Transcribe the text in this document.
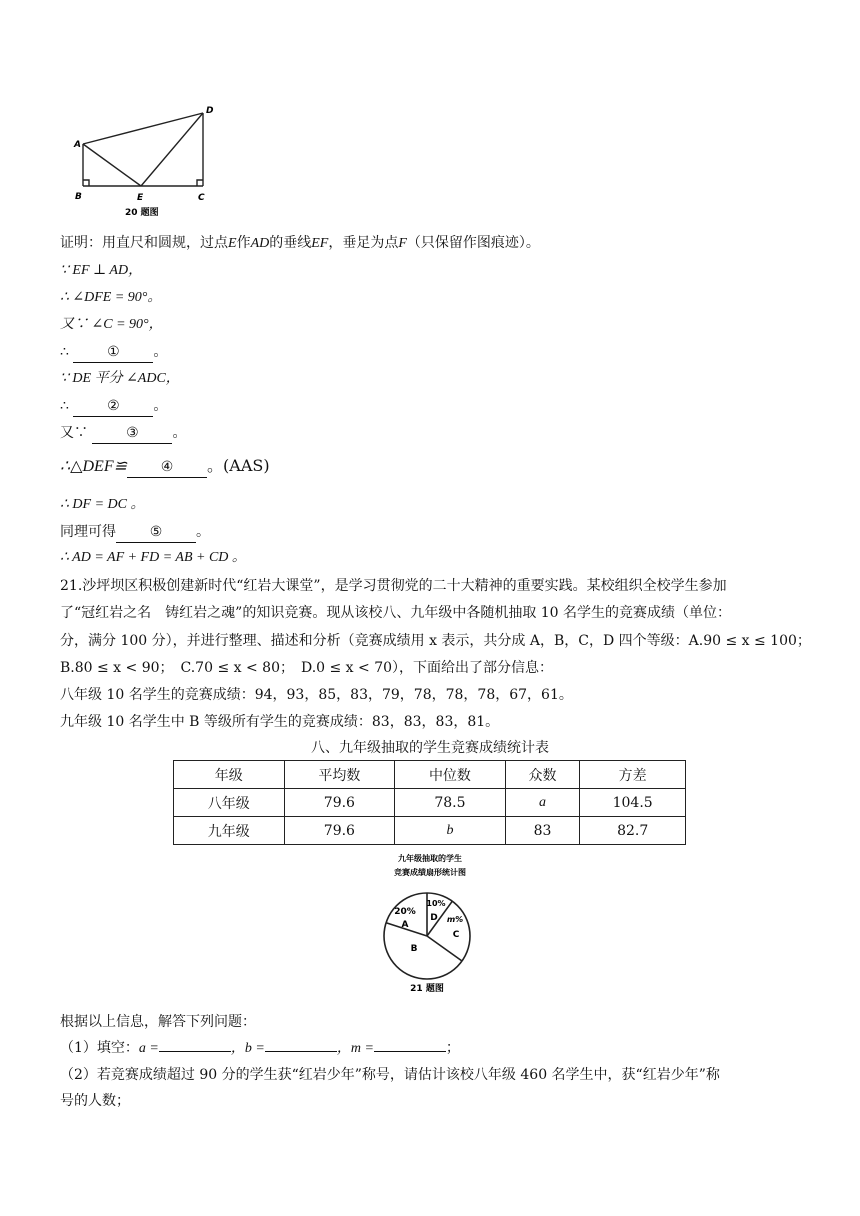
A
B	C
D
E
20 题图
证明：用直尺和圆规，过点E作AD的垂线EF，垂足为点F（只保留作图痕迹）。
∵ EF ⊥ AD，
∴ ∠DFE = 90°。
又∵ ∠C = 90°，
∴	① 。
∵ DE 平分 ∠ADC，
∴	② 。
又∵	③ 。
∴△DEF≌ ④ 。(AAS)
∴ DF = DC 。
同理可得 ⑤ 。
∴ AD = AF + FD = AB + CD 。
21.沙坪坝区积极创建新时代“红岩大课堂”，是学习贯彻党的二十大精神的重要实践。某校组织全校学生参加
了“冠红岩之名　铸红岩之魂”的知识竞赛。现从该校八、九年级中各随机抽取 10 名学生的竞赛成绩（单位：
分，满分 100 分），并进行整理、描述和分析（竞赛成绩用 x 表示，共分成 A，B，C，D 四个等级：A.90 ≤ x ≤ 100；
B.80 ≤ x < 90；　C.70 ≤ x < 80；　D.0 ≤ x < 70），下面给出了部分信息：
八年级 10 名学生的竞赛成绩：94，93，85，83，79，78，78，78，67，61。
九年级 10 名学生中 B 等级所有学生的竞赛成绩：83，83，83，81。
八、九年级抽取的学生竞赛成绩统计表
年级	平均数	中位数	众数	方差
八年级	79.6	78.5	a	104.5
九年级	79.6	b	83	82.7
九年级抽取的学生
竞赛成绩扇形统计图
20%
A
10%
D m%
C
B
21 题图
根据以上信息，解答下列问题：
（1）填空：a =	，b =	，m =	；
（2）若竞赛成绩超过 90 分的学生获“红岩少年”称号，请估计该校八年级 460 名学生中，获“红岩少年”称
号的人数；
